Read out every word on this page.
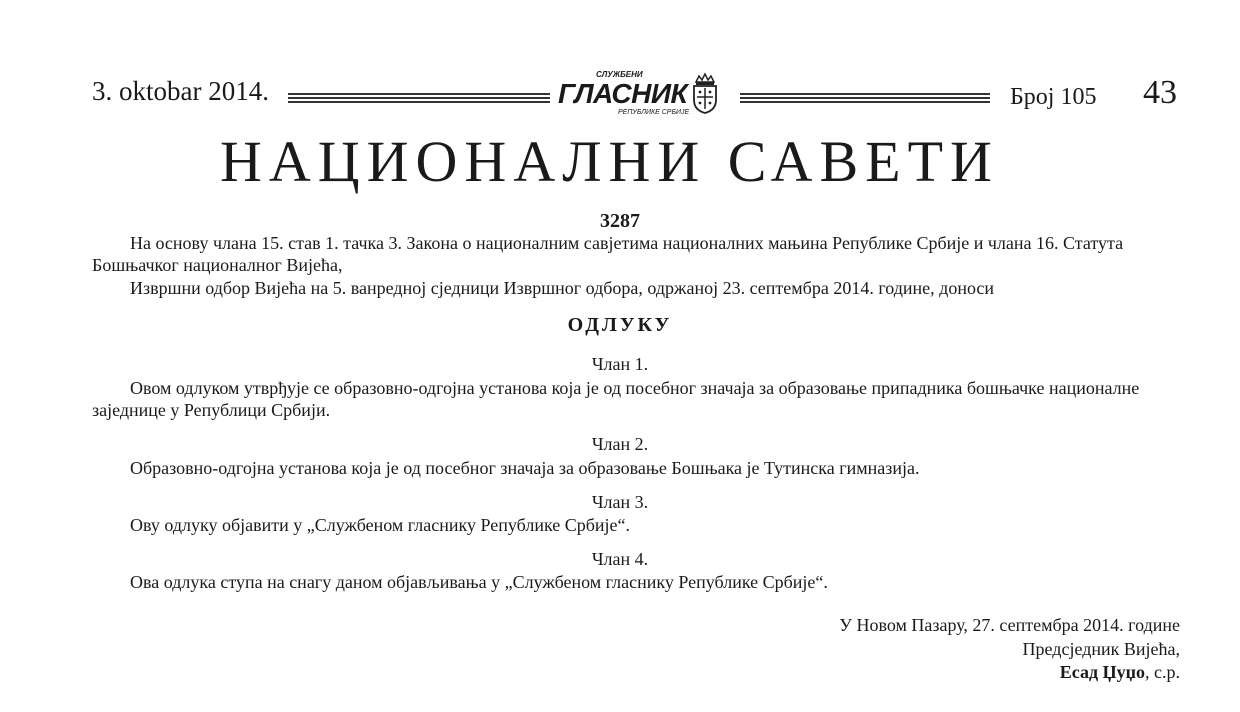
3. oktobar 2014.
СЛУЖБЕНИ
ГЛАСНИК
РЕПУБЛИКЕ СРБИЈЕ
Број 105 43
НАЦИОНАЛНИ САВЕТИ
3287
На основу члана 15. став 1. тачка 3. Закона о националним савјетима националних мањина Републике Србије и члана 16. Статута
Бошњачког националног Вијећа,
Извршни одбор Вијећа на 5. ванредној сједници Извршног одбора, одржаној 23. септембра 2014. године, доноси
ОДЛУКУ
Члан 1.
Овом одлуком утврђује се образовно-одгојна установа која је од посебног значаја за образовање припадника бошњачке националне
заједнице у Републици Србији.
Члан 2.
Образовно-одгојна установа која је од посебног значаја за образовање Бошњака је Тутинска гимназија.
Члан 3.
Ову одлуку објавити у „Службеном гласнику Републике Србије“.
Члан 4.
Ова одлука ступа на снагу даном објављивања у „Службеном гласнику Републике Србије“.
У Новом Пазару, 27. септембра 2014. године
Предсједник Вијећа,
Есад Џуџо, с.р.
